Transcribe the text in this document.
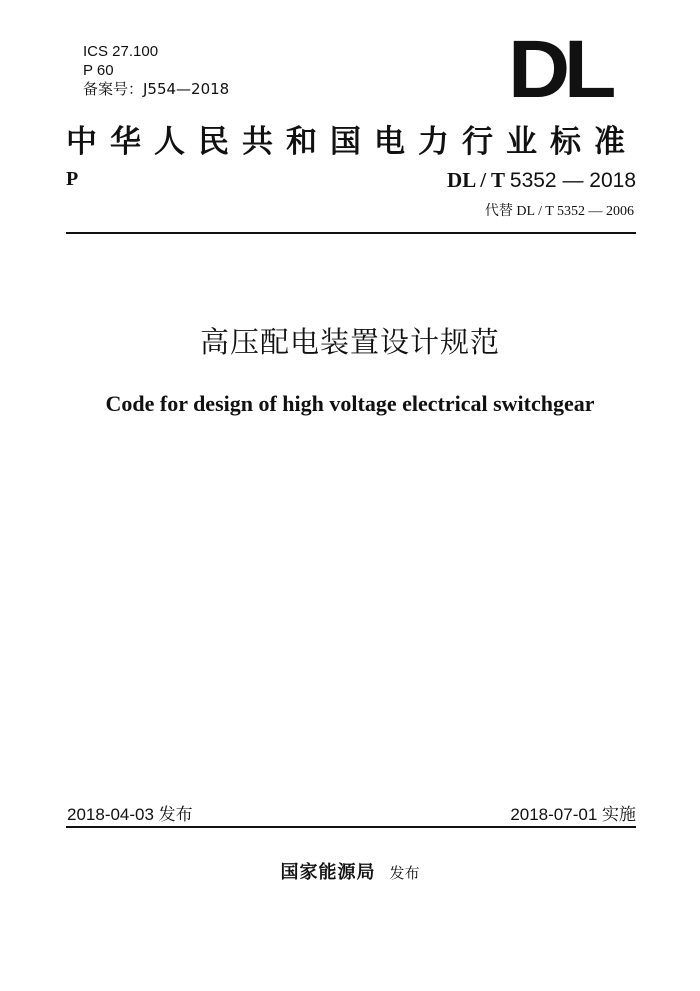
ICS 27.100
P 60
备案号：J554—2018	DL
中华人民共和国电力行业标准
P	DL / T 5352 — 2018
代替 DL / T 5352 — 2006
高压配电装置设计规范
Code for design of high voltage electrical switchgear
2018-04-03 发布	2018-07-01 实施
国家能源局 发布
